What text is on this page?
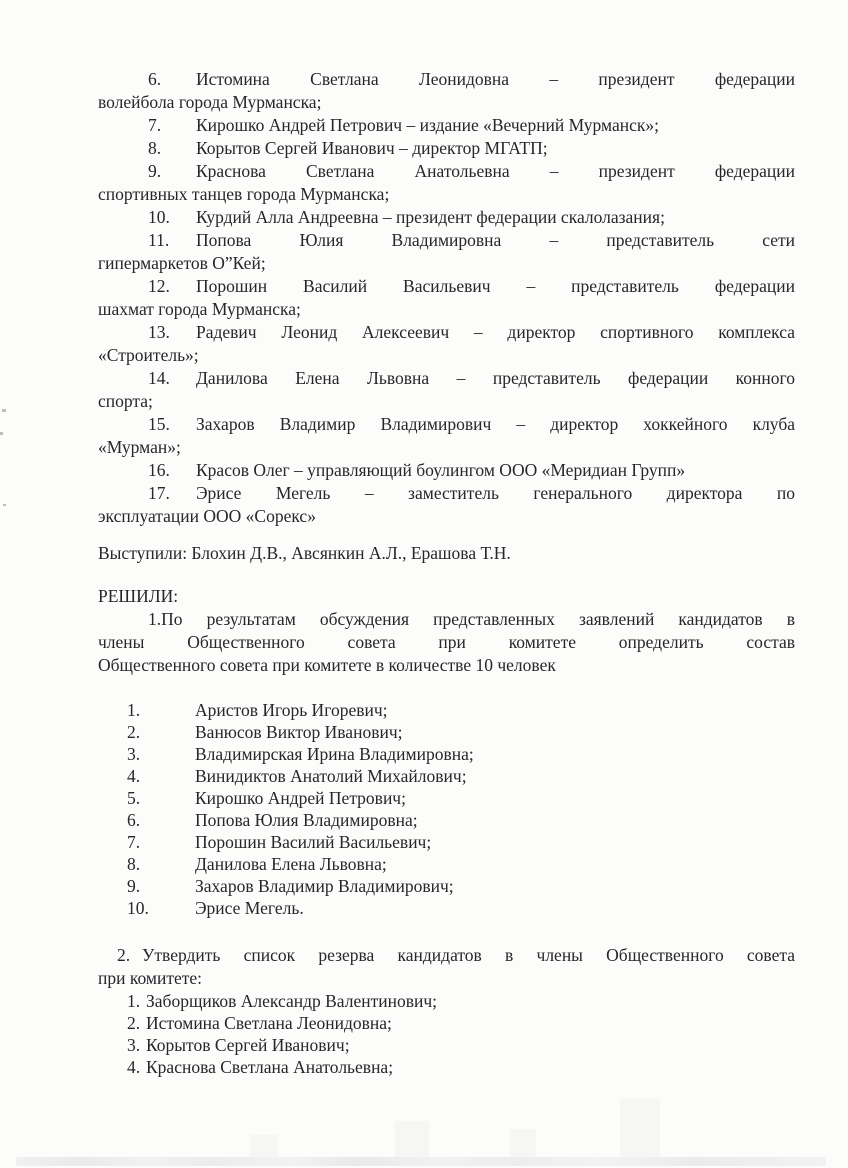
6. Истомина Светлана Леонидовна – президент федерации
волейбола города Мурманска;
7. Кирошко Андрей Петрович – издание «Вечерний Мурманск»;
8. Корытов Сергей Иванович – директор МГАТП;
9. Краснова Светлана Анатольевна – президент федерации
спортивных танцев города Мурманска;
10. Курдий Алла Андреевна – президент федерации скалолазания;
11. Попова Юлия Владимировна – представитель сети
гипермаркетов О”Кей;
12. Порошин Василий Васильевич – представитель федерации
шахмат города Мурманска;
13. Радевич Леонид Алексеевич – директор спортивного комплекса
«Строитель»;
14. Данилова Елена Львовна – представитель федерации конного
спорта;
15. Захаров Владимир Владимирович – директор хоккейного клуба
«Мурман»;
16. Красов Олег – управляющий боулингом ООО «Меридиан Групп»
17. Эрисе Мегель – заместитель генерального директора по
эксплуатации ООО «Сорекс»
Выступили: Блохин Д.В., Авсянкин А.Л., Ерашова Т.Н.
РЕШИЛИ:
1.По результатам обсуждения представленных заявлений кандидатов в
члены Общественного совета при комитете определить состав
Общественного совета при комитете в количестве 10 человек
1.	Аристов Игорь Игоревич;
2.	Ванюсов Виктор Иванович;
3.	Владимирская Ирина Владимировна;
4.	Винидиктов Анатолий Михайлович;
5.	Кирошко Андрей Петрович;
6.	Попова Юлия Владимировна;
7.	Порошин Василий Васильевич;
8.	Данилова Елена Львовна;
9.	Захаров Владимир Владимирович;
10.	Эрисе Мегель.
2. Утвердить список резерва кандидатов в члены Общественного совета
при комитете:
1. Заборщиков Александр Валентинович;
2. Истомина Светлана Леонидовна;
3. Корытов Сергей Иванович;
4. Краснова Светлана Анатольевна;
